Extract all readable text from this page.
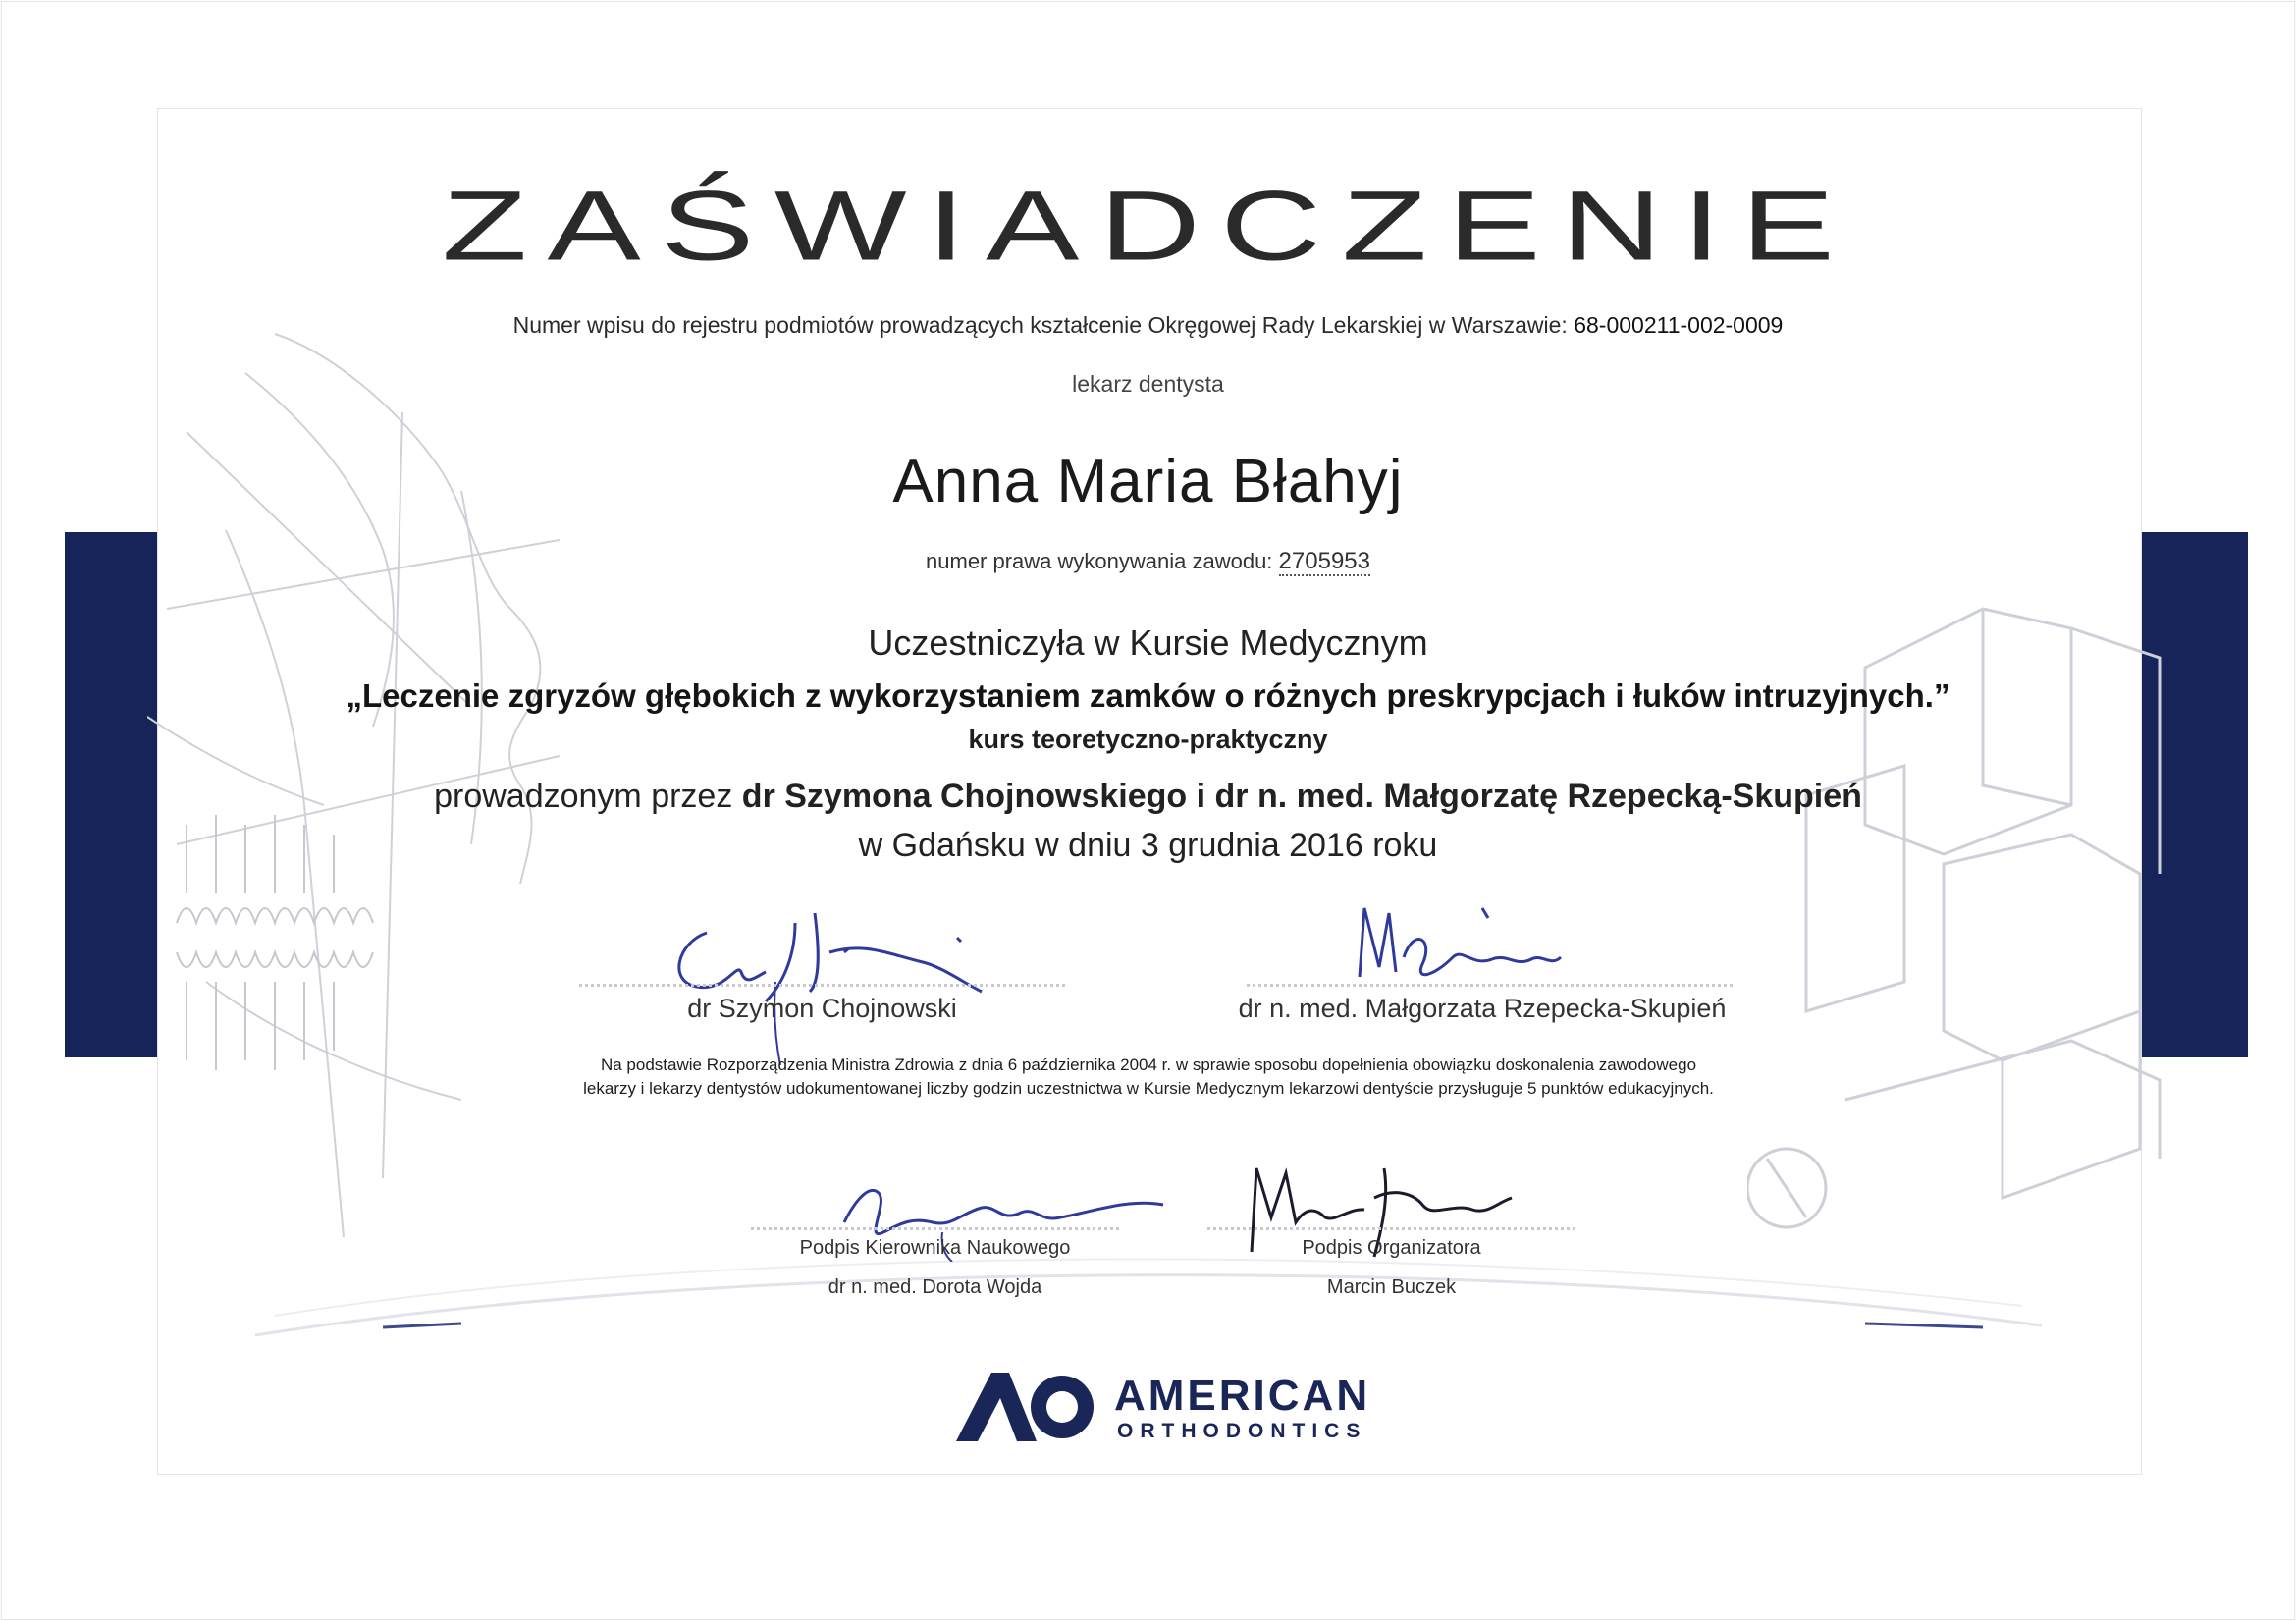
ZAŚWIADCZENIE
Numer wpisu do rejestru podmiotów prowadzących kształcenie Okręgowej Rady Lekarskiej w Warszawie: 68-000211-002-0009
lekarz dentysta
Anna Maria Błahyj
numer prawa wykonywania zawodu: 2705953
Uczestniczyła w Kursie Medycznym
„Leczenie zgryzów głębokich z wykorzystaniem zamków o różnych preskrypcjach i łuków intruzyjnych.”
kurs teoretyczno-praktyczny
prowadzonym przez dr Szymona Chojnowskiego i dr n. med. Małgorzatę Rzepecką-Skupień
w Gdańsku w dniu 3 grudnia 2016 roku
dr Szymon Chojnowski	dr n. med. Małgorzata Rzepecka-Skupień
Na podstawie Rozporządzenia Ministra Zdrowia z dnia 6 października 2004 r. w sprawie sposobu dopełnienia obowiązku doskonalenia zawodowego
lekarzy i lekarzy dentystów udokumentowanej liczby godzin uczestnictwa w Kursie Medycznym lekarzowi dentyście przysługuje 5 punktów edukacyjnych.
Podpis Kierownika Naukowego
dr n. med. Dorota Wojda
Podpis Organizatora
Marcin Buczek
AMERICAN
ORTHODONTICS
